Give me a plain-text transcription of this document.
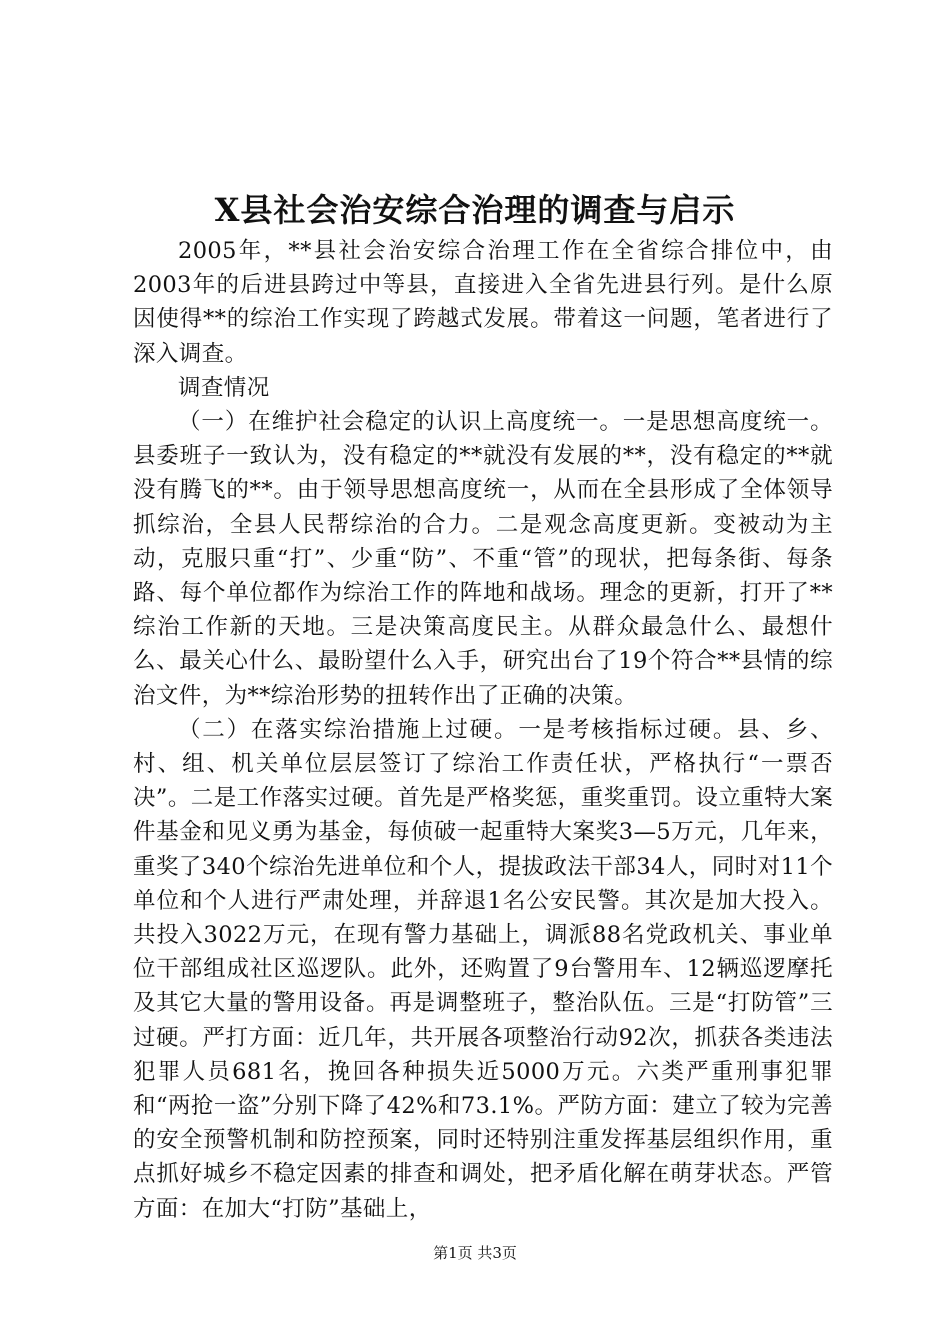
X县社会治安综合治理的调查与启示

2005年，**县社会治安综合治理工作在全省综合排位中，由2003年的后进县跨过中等县，直接进入全省先进县行列。是什么原因使得**的综治工作实现了跨越式发展。带着这一问题，笔者进行了深入调查。

调查情况

（一）在维护社会稳定的认识上高度统一。一是思想高度统一。县委班子一致认为，没有稳定的**就没有发展的**，没有稳定的**就没有腾飞的**。由于领导思想高度统一，从而在全县形成了全体领导抓综治，全县人民帮综治的合力。二是观念高度更新。变被动为主动，克服只重“打”、少重“防”、不重“管”的现状，把每条街、每条路、每个单位都作为综治工作的阵地和战场。理念的更新，打开了**综治工作新的天地。三是决策高度民主。从群众最急什么、最想什么、最关心什么、最盼望什么入手，研究出台了19个符合**县情的综治文件，为**综治形势的扭转作出了正确的决策。

（二）在落实综治措施上过硬。一是考核指标过硬。县、乡、村、组、机关单位层层签订了综治工作责任状，严格执行“一票否决”。二是工作落实过硬。首先是严格奖惩，重奖重罚。设立重特大案件基金和见义勇为基金，每侦破一起重特大案奖3—5万元，几年来，重奖了340个综治先进单位和个人，提拔政法干部34人，同时对11个单位和个人进行严肃处理，并辞退1名公安民警。其次是加大投入。共投入3022万元，在现有警力基础上，调派88名党政机关、事业单位干部组成社区巡逻队。此外，还购置了9台警用车、12辆巡逻摩托及其它大量的警用设备。再是调整班子，整治队伍。三是“打防管”三过硬。严打方面：近几年，共开展各项整治行动92次，抓获各类违法犯罪人员681名，挽回各种损失近5000万元。六类严重刑事犯罪和“两抢一盗”分别下降了42%和73.1%。严防方面：建立了较为完善的安全预警机制和防控预案，同时还特别注重发挥基层组织作用，重点抓好城乡不稳定因素的排查和调处，把矛盾化解在萌芽状态。严管方面：在加大“打防”基础上，

第1页 共3页
